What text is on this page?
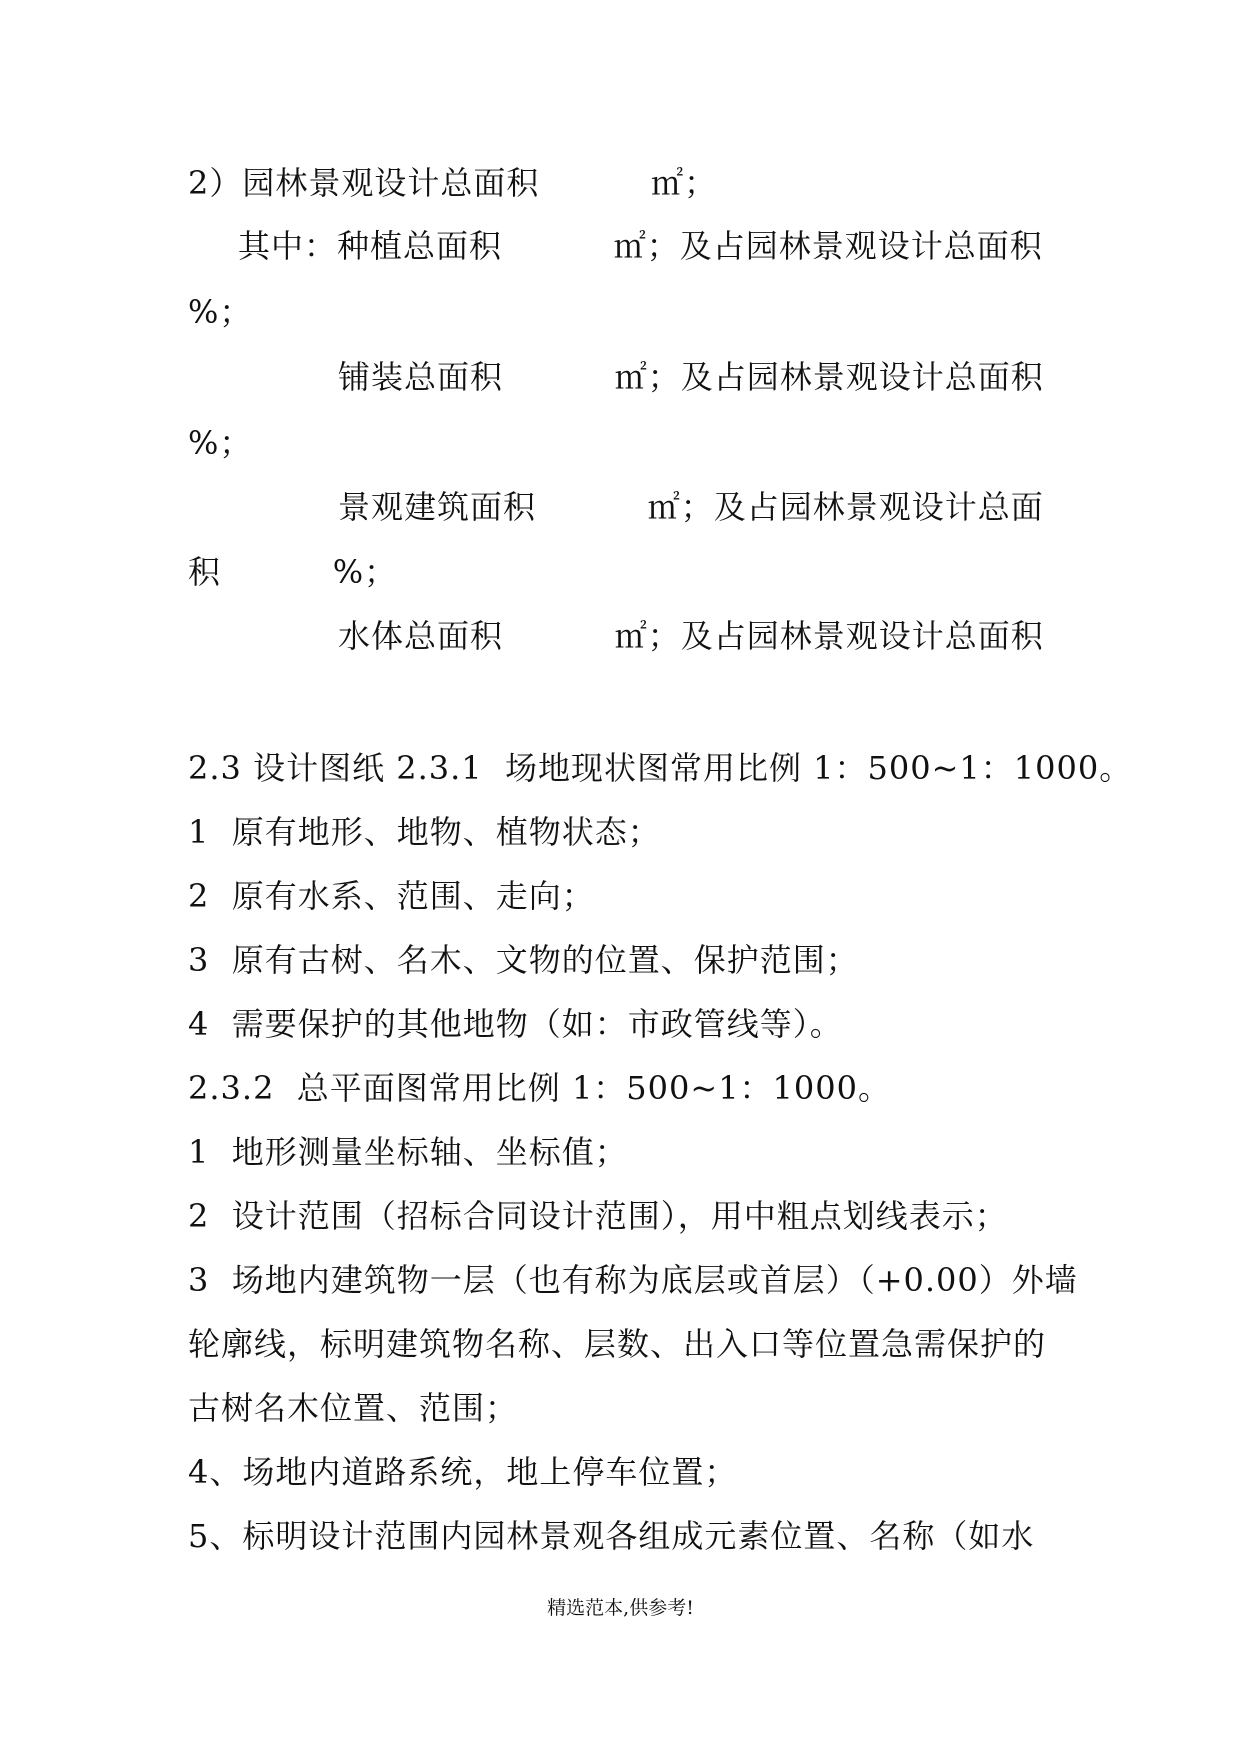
2）园林景观设计总面积          ㎡；
其中：种植总面积          ㎡；及占园林景观设计总面积
%；
铺装总面积          ㎡；及占园林景观设计总面积
%；
景观建筑面积          ㎡；及占园林景观设计总面
积          %；
水体总面积          ㎡；及占园林景观设计总面积
2.3 设计图纸 2.3.1  场地现状图常用比例 1：500~1：1000。
1  原有地形、地物、植物状态；
2  原有水系、范围、走向；
3  原有古树、名木、文物的位置、保护范围；
4  需要保护的其他地物（如：市政管线等）。
2.3.2  总平面图常用比例 1：500~1：1000。
1  地形测量坐标轴、坐标值；
2  设计范围（招标合同设计范围），用中粗点划线表示；
3  场地内建筑物一层（也有称为底层或首层）（+0.00）外墙
轮廓线，标明建筑物名称、层数、出入口等位置急需保护的
古树名木位置、范围；
4、场地内道路系统，地上停车位置；
5、标明设计范围内园林景观各组成元素位置、名称（如水
精选范本,供参考!
